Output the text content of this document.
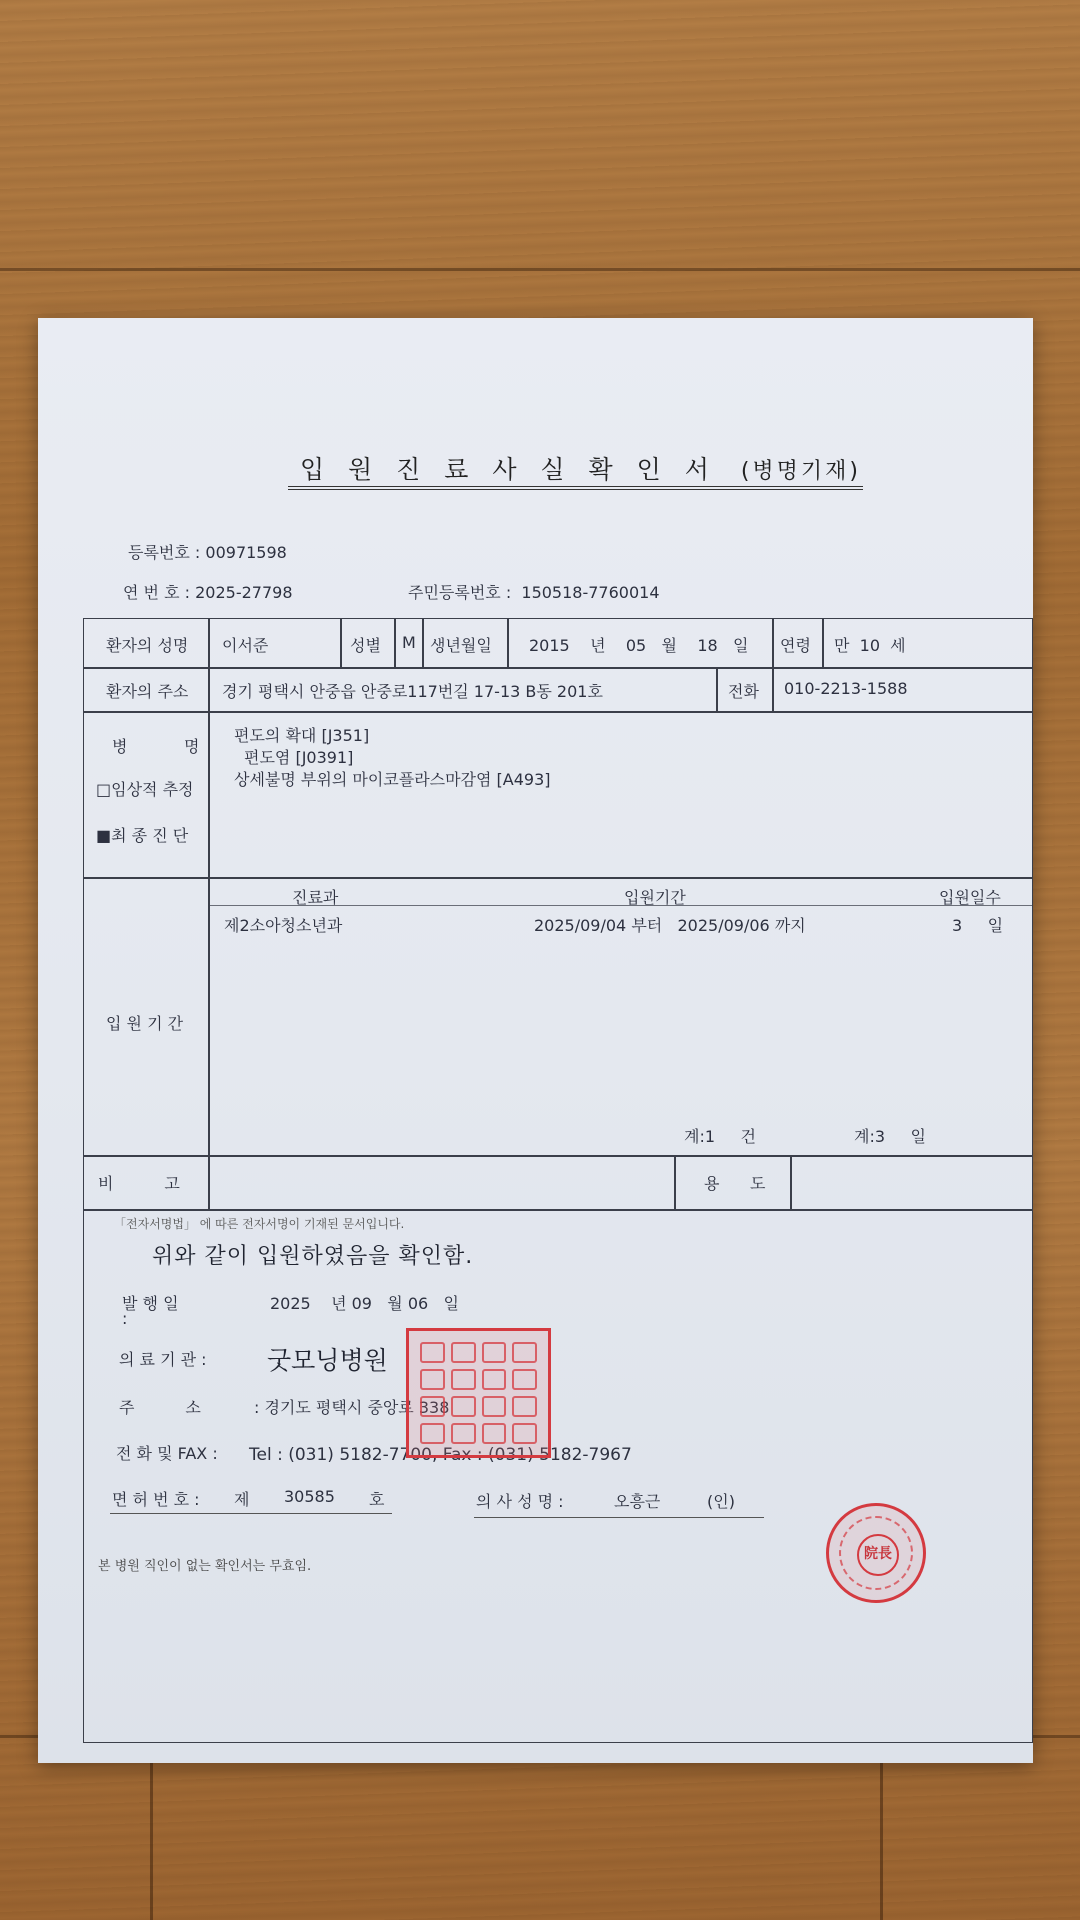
입 원 진 료 사 실 확 인 서 (병명기재)
등록번호 : 00971598
연 번 호 : 2025-27798	주민등록번호 : 150518-7760014
환자의 성명 이서준	성별 M 생년월일 2015 년 05 월 18 일 연령 만 10 세
환자의 주소 경기 평택시 안중읍 안중로117번길 17-13 B동 201호	전화 010-2213-1588
병	명
□임상적 추정
■최 종 진 단
편도의 확대 [J351]
편도염 [J0391]
상세불명 부위의 마이코플라스마감염 [A493]
입 원 기 간
진료과	입원기간	입원일수
제2소아청소년과	2025/09/04 부터 2025/09/06 까지	3 일
계:1     건	계:3     일
비          고	용      도
「전자서명법」 에 따른 전자서명이 기재된 문서입니다.
위와 같이 입원하였음을 확인함.
발 행 일
:
2025 년 09 월 06 일
의 료 기 관 : 굿모닝병원
주          소	: 경기도 평택시 중앙로 338
전 화 및 FAX : Tel : (031) 5182-7700, Fax : (031) 5182-7967
면 허 번 호 : 제 30585 호	의 사 성 명 :	오흥근	(인)
본 병원 직인이 없는 확인서는 무효임.
院長
